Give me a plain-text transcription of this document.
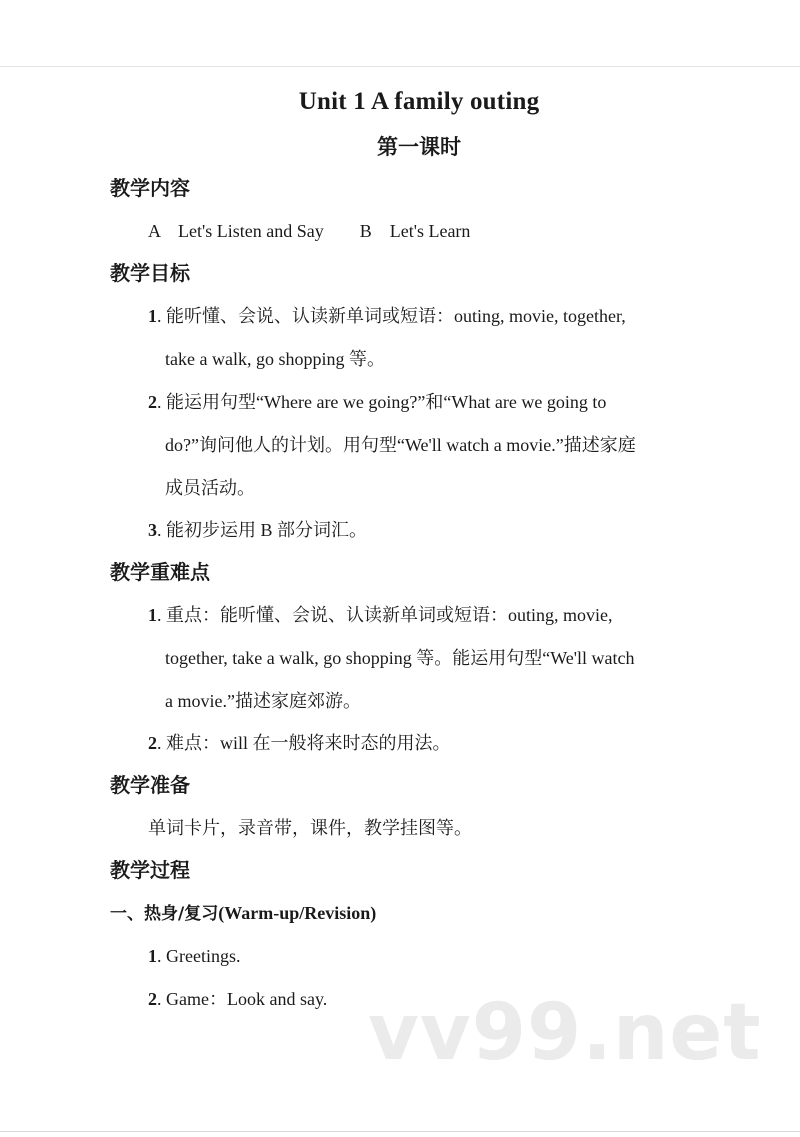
Unit 1 A family outing
第一课时
教学内容
A    Let's Listen and Say        B    Let's Learn
教学目标
1. 能听懂、会说、认读新单词或短语：outing, movie, together,
take a walk, go shopping 等。
2. 能运用句型“Where are we going?”和“What are we going to
do?”询问他人的计划。用句型“We'll watch a movie.”描述家庭
成员活动。
3. 能初步运用 B 部分词汇。
教学重难点
1. 重点：能听懂、会说、认读新单词或短语：outing, movie,
together, take a walk, go shopping 等。能运用句型“We'll watch
a movie.”描述家庭郊游。
2. 难点：will 在一般将来时态的用法。
教学准备
单词卡片，录音带，课件，教学挂图等。
教学过程
一、热身/复习(Warm-up/Revision)
1. Greetings.
2. Game：Look and say. vv99.net
